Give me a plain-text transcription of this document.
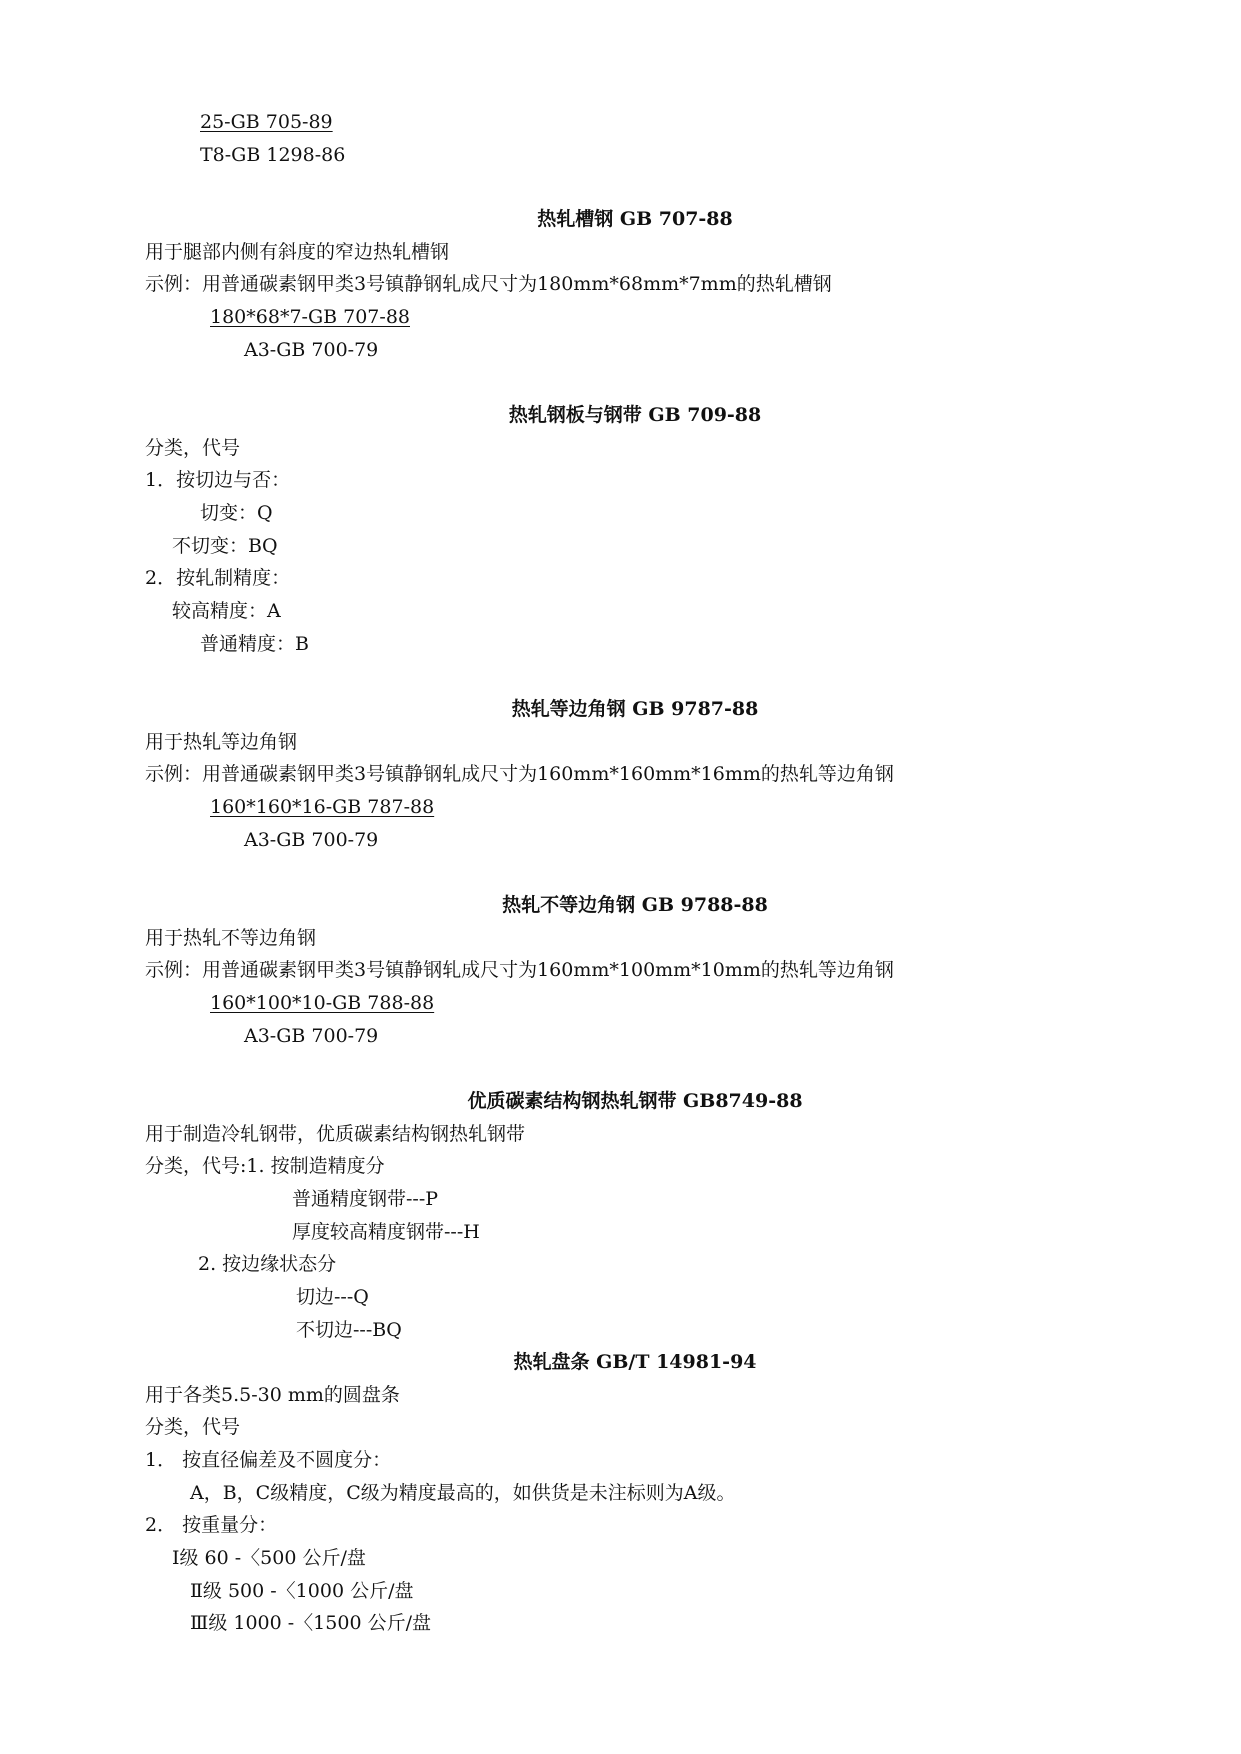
25-GB 705-89
T8-GB 1298-86
热轧槽钢 GB 707-88
用于腿部内侧有斜度的窄边热轧槽钢
示例：用普通碳素钢甲类3号镇静钢轧成尺寸为180mm*68mm*7mm的热轧槽钢
180*68*7-GB 707-88
A3-GB 700-79
热轧钢板与钢带 GB 709-88
分类，代号
1．按切边与否：
切变：Q
不切变：BQ
2．按轧制精度：
较高精度：A
普通精度：B
热轧等边角钢 GB 9787-88
用于热轧等边角钢
示例：用普通碳素钢甲类3号镇静钢轧成尺寸为160mm*160mm*16mm的热轧等边角钢
160*160*16-GB 787-88
A3-GB 700-79
热轧不等边角钢 GB 9788-88
用于热轧不等边角钢
示例：用普通碳素钢甲类3号镇静钢轧成尺寸为160mm*100mm*10mm的热轧等边角钢
160*100*10-GB 788-88
A3-GB 700-79
优质碳素结构钢热轧钢带 GB8749-88
用于制造冷轧钢带，优质碳素结构钢热轧钢带
分类，代号:1. 按制造精度分
普通精度钢带---P
厚度较高精度钢带---H
2. 按边缘状态分
切边---Q
不切边---BQ
热轧盘条 GB/T 14981-94
用于各类5.5-30 mm的圆盘条
分类，代号
1． 按直径偏差及不圆度分：
A，B，C级精度，C级为精度最高的，如供货是未注标则为A级。
2． 按重量分：
Ⅰ级 60 -〈500 公斤/盘
Ⅱ级 500 -〈1000 公斤/盘
Ⅲ级 1000 -〈1500 公斤/盘
